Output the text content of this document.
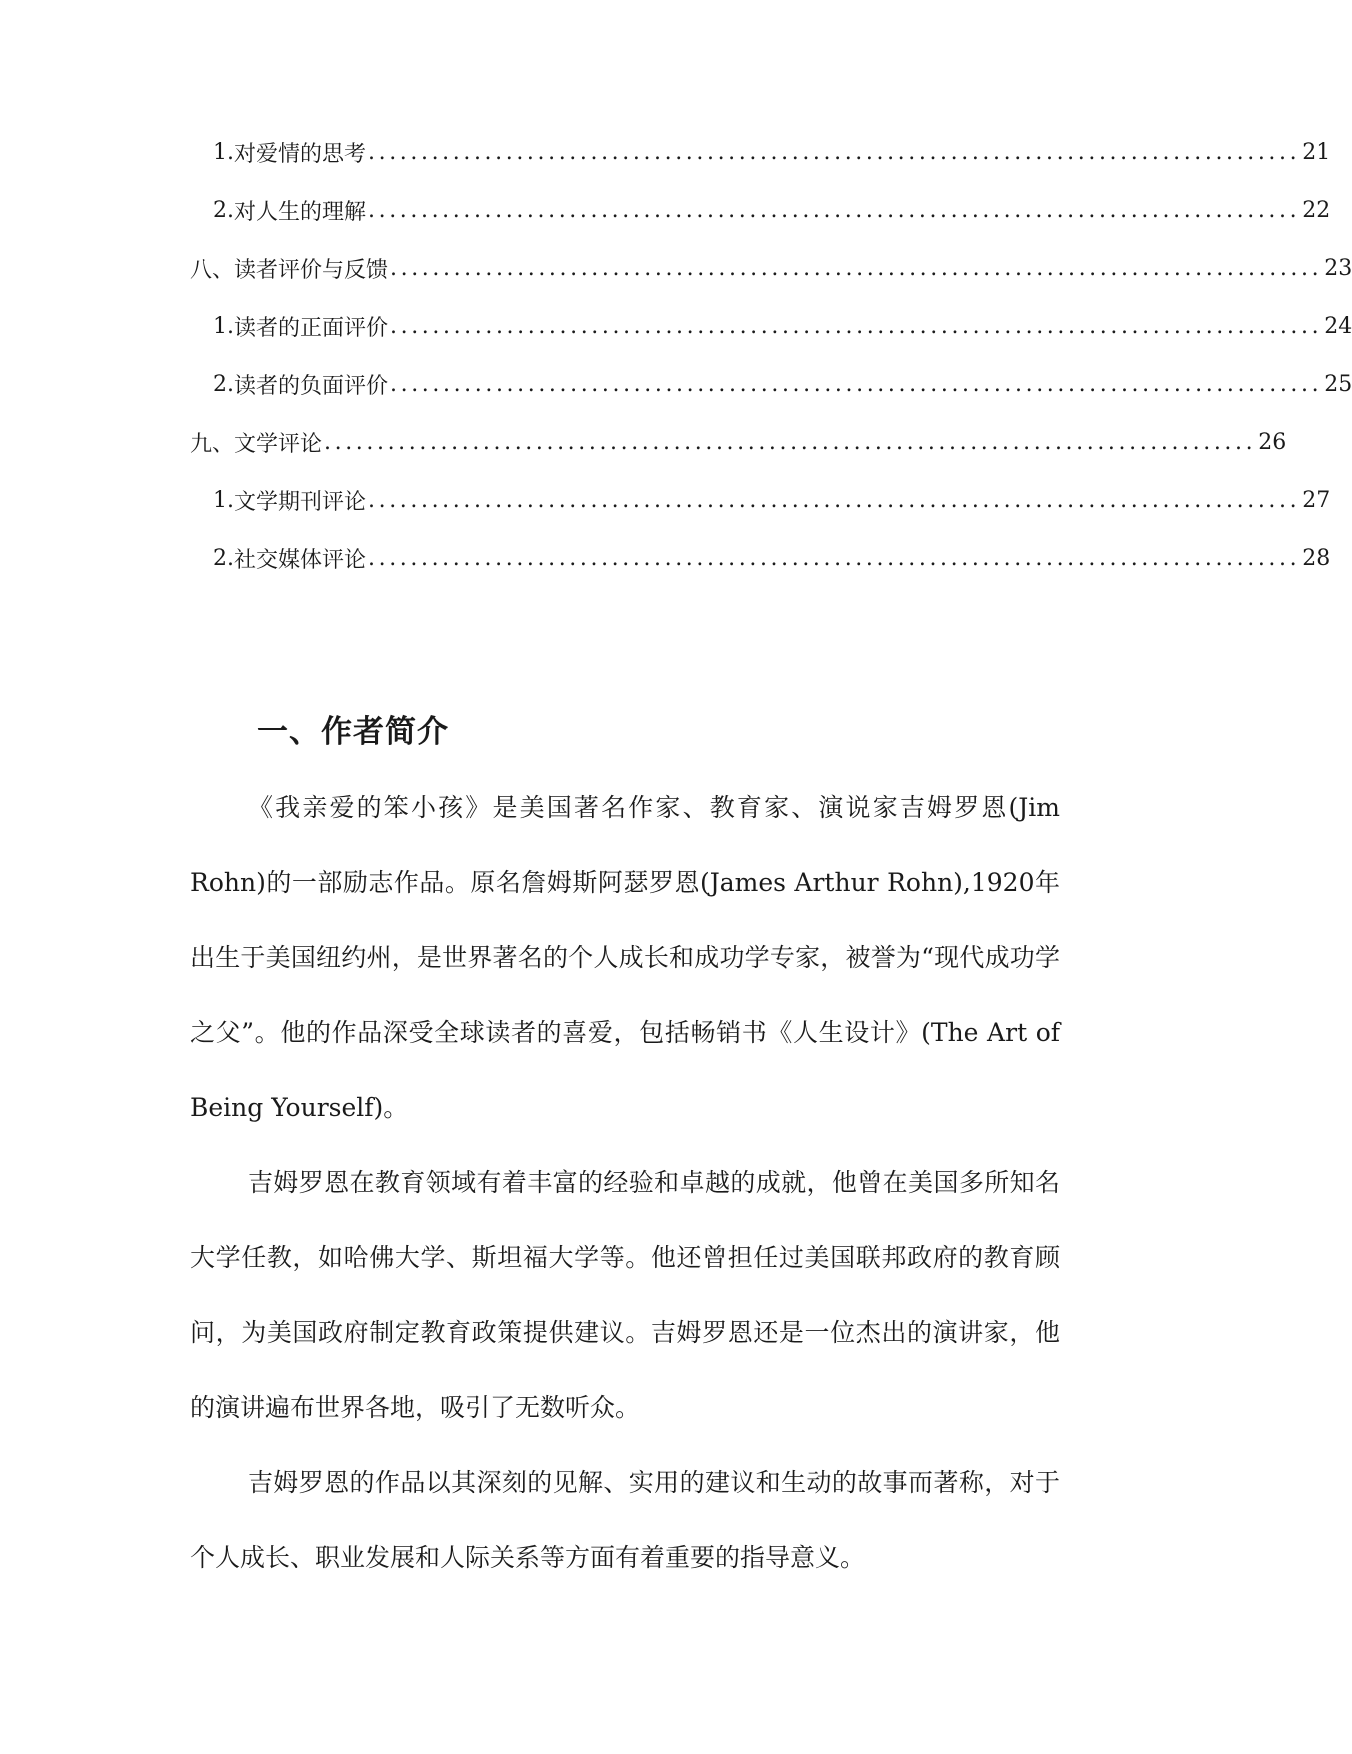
1. 对爱情的思考 ........................................................................................ 21
2. 对人生的理解 ........................................................................................ 22
八、读者评价与反馈 ........................................................................................ 23
1. 读者的正面评价 ........................................................................................ 24
2. 读者的负面评价 ........................................................................................ 25
九、文学评论 ........................................................................................ 26
1. 文学期刊评论 ........................................................................................ 27
2. 社交媒体评论 ........................................................................................ 28
一、作者简介

《我亲爱的笨小孩》是美国著名作家、教育家、演说家吉姆罗恩(Jim Rohn)的一部励志作品。原名詹姆斯阿瑟罗恩(James Arthur Rohn),1920年出生于美国纽约州，是世界著名的个人成长和成功学专家，被誉为“现代成功学之父”。他的作品深受全球读者的喜爱，包括畅销书《人生设计》(The Art of Being Yourself)。

吉姆罗恩在教育领域有着丰富的经验和卓越的成就，他曾在美国多所知名大学任教，如哈佛大学、斯坦福大学等。他还曾担任过美国联邦政府的教育顾问，为美国政府制定教育政策提供建议。吉姆罗恩还是一位杰出的演讲家，他的演讲遍布世界各地，吸引了无数听众。

吉姆罗恩的作品以其深刻的见解、实用的建议和生动的故事而著称，对于个人成长、职业发展和人际关系等方面有着重要的指导意义。
